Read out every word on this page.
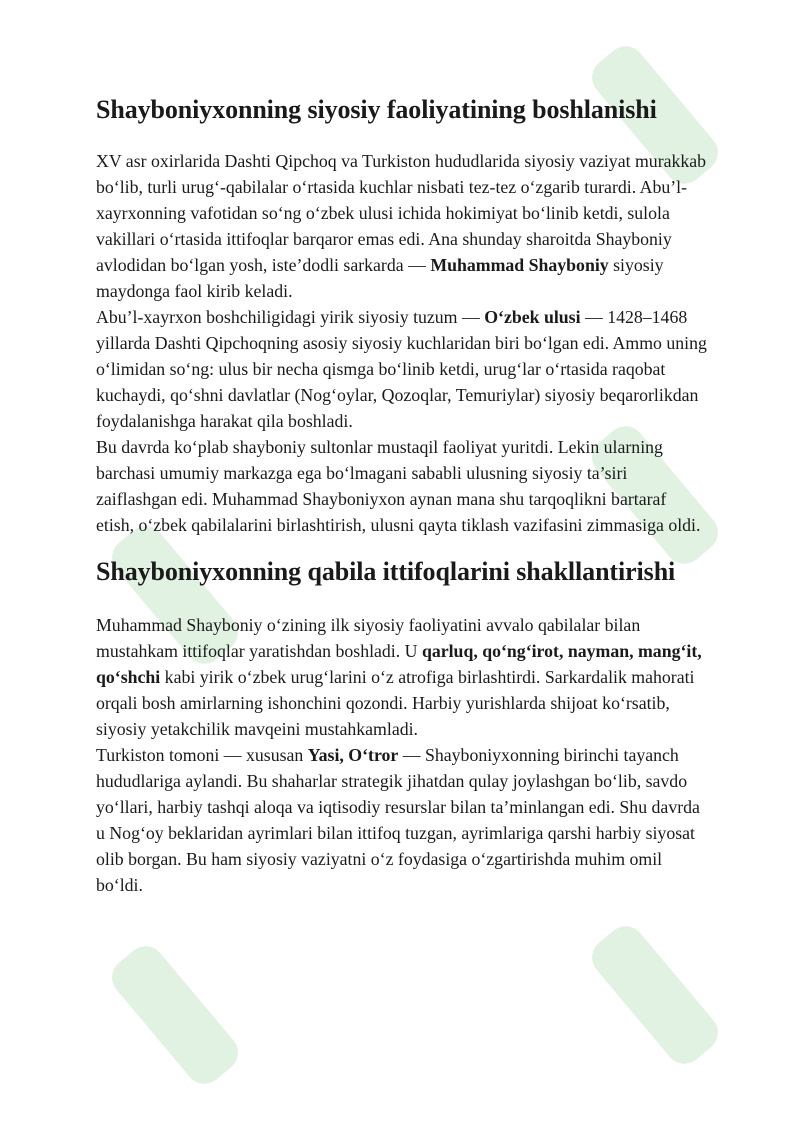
Shayboniyxonning siyosiy faoliyatining boshlanishi

XV asr oxirlarida Dashti Qipchoq va Turkiston hududlarida siyosiy vaziyat murakkab bo‘lib, turli urug‘-qabilalar o‘rtasida kuchlar nisbati tez-tez o‘zgarib turardi. Abu’l-xayrxonning vafotidan so‘ng o‘zbek ulusi ichida hokimiyat bo‘linib ketdi, sulola vakillari o‘rtasida ittifoqlar barqaror emas edi. Ana shunday sharoitda Shayboniy avlodidan bo‘lgan yosh, iste’dodli sarkarda — Muhammad Shayboniy siyosiy maydonga faol kirib keladi.

Abu’l-xayrxon boshchiligidagi yirik siyosiy tuzum — O‘zbek ulusi — 1428–1468 yillarda Dashti Qipchoqning asosiy siyosiy kuchlaridan biri bo‘lgan edi. Ammo uning o‘limidan so‘ng: ulus bir necha qismga bo‘linib ketdi, urug‘lar o‘rtasida raqobat kuchaydi, qo‘shni davlatlar (Nog‘oylar, Qozoqlar, Temuriylar) siyosiy beqarorlikdan foydalanishga harakat qila boshladi.

Bu davrda ko‘plab shayboniy sultonlar mustaqil faoliyat yuritdi. Lekin ularning barchasi umumiy markazga ega bo‘lmagani sababli ulusning siyosiy ta’siri zaiflashgan edi. Muhammad Shayboniyxon aynan mana shu tarqoqlikni bartaraf etish, o‘zbek qabilalarini birlashtirish, ulusni qayta tiklash vazifasini zimmasiga oldi.

Shayboniyxonning qabila ittifoqlarini shakllantirishi

Muhammad Shayboniy o‘zining ilk siyosiy faoliyatini avvalo qabilalar bilan mustahkam ittifoqlar yaratishdan boshladi. U qarluq, qo‘ng‘irot, nayman, mang‘it, qo‘shchi kabi yirik o‘zbek urug‘larini o‘z atrofiga birlashtirdi. Sarkardalik mahorati orqali bosh amirlarning ishonchini qozondi. Harbiy yurishlarda shijoat ko‘rsatib, siyosiy yetakchilik mavqeini mustahkamladi.

Turkiston tomoni — xususan Yasi, O‘tror — Shayboniyxonning birinchi tayanch hududlariga aylandi. Bu shaharlar strategik jihatdan qulay joylashgan bo‘lib, savdo yo‘llari, harbiy tashqi aloqa va iqtisodiy resurslar bilan ta’minlangan edi. Shu davrda u Nog‘oy beklaridan ayrimlari bilan ittifoq tuzgan, ayrimlariga qarshi harbiy siyosat olib borgan. Bu ham siyosiy vaziyatni o‘z foydasiga o‘zgartirishda muhim omil bo‘ldi.
